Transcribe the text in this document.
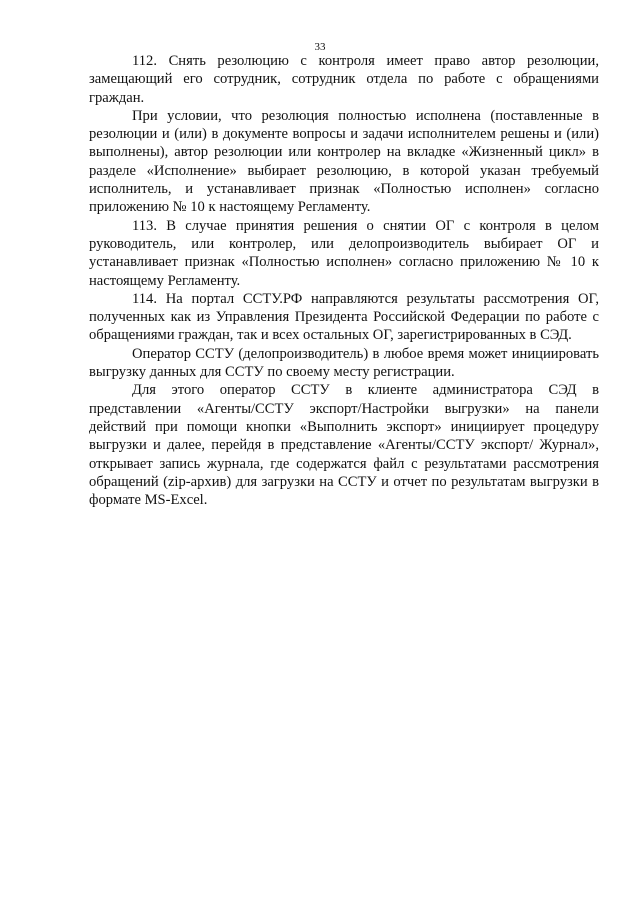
33

112. Снять резолюцию с контроля имеет право автор резолюции, замещающий его сотрудник, сотрудник отдела по работе с обращениями граждан.

При условии, что резолюция полностью исполнена (поставленные в резолюции и (или) в документе вопросы и задачи исполнителем решены и (или) выполнены), автор резолюции или контролер на вкладке «Жизненный цикл» в разделе «Исполнение» выбирает резолюцию, в которой указан требуемый исполнитель, и устанавливает признак «Полностью исполнен» согласно приложению № 10 к настоящему Регламенту.

113. В случае принятия решения о снятии ОГ с контроля в целом руководитель, или контролер, или делопроизводитель выбирает ОГ и устанавливает признак «Полностью исполнен» согласно приложению № 10 к настоящему Регламенту.

114. На портал ССТУ.РФ направляются результаты рассмотрения ОГ, полученных как из Управления Президента Российской Федерации по работе с обращениями граждан, так и всех остальных ОГ, зарегистрированных в СЭД.

Оператор ССТУ (делопроизводитель) в любое время может инициировать выгрузку данных для ССТУ по своему месту регистрации.

Для этого оператор ССТУ в клиенте администратора СЭД в представлении «Агенты/ССТУ экспорт/Настройки выгрузки» на панели действий при помощи кнопки «Выполнить экспорт» инициирует процедуру выгрузки и далее, перейдя в представление «Агенты/ССТУ экспорт/ Журнал», открывает запись журнала, где содержатся файл с результатами рассмотрения обращений (zip-архив) для загрузки на ССТУ и отчет по результатам выгрузки в формате MS-Excel.
